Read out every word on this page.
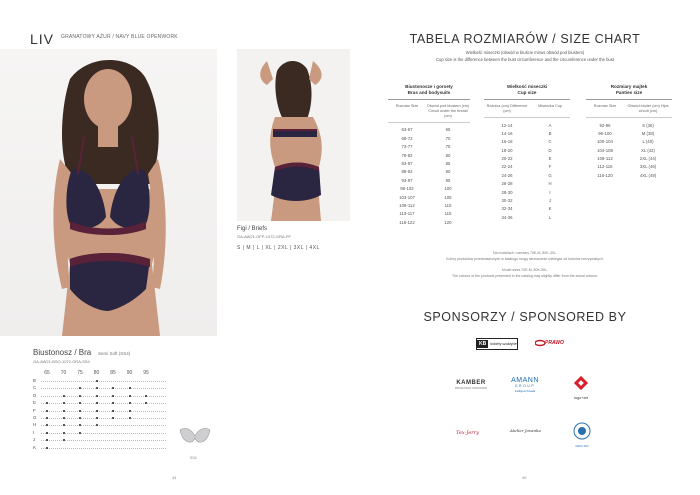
LIV GRANATOWY AŻUR / NAVY BLUE OPENWORK
Figi / Briefs
GA-AW21-GFP-1072-GRA-FP
S | M | L | XL | 2XL | 3XL | 4XL
Biustonosz / Bra Semi Soft (SS4)
GA-AW21-BSO-1072-GRA-SS4
65 70 75 80 85 90 95
B
C
D
E
F
G
H
I
J
K
SS4
44
TABELA ROZMIARÓW / SIZE CHART
Wielkość miseczki (obwód w biuście minus obwód pod biustem)
Cup size is the difference between the bust circumference and the circumference under the bust
Biustonosze i gorsety
Bras and bodysuits
Rozmiar Size	Obwód pod biustem (cm) Circuit under the breast (cm)
63-67	65
68-72	70
73-77	75
78-82	80
83-87	85
88-92	90
93-97	95
98-102	100
103-107	105
108-112	110
113-117	115
118-122	120
Wielkość miseczki
Cup size
Różnica (cm) Difference (cm)
Miseczka Cup
12-14	A
14-16	B
16-18	C
18-20	D
20-22	E
22-24	F
24-26	G
26-28	H
28-30	I
30-32	J
32-34	K
34-36	L
Rozmiary majtek
Panties size
Rozmiar Size	Obwód bioder (cm) Hips circuit (cm)
92-96	S (36)
96-100	M (38)
100-104	L (40)
104-108	XL (42)
108-112	2XL (44)
112-116	3XL (46)
116-120	4XL (48)
Na modelach: rozmiary 70E-M, 80K-3XL.
Kolory produktów przedstawionych w katalogu mogą nieznacznie odbiegać od kolorów rzeczywistych.
Model sizes 70E-M, 80K-3XL.
The colours of the products presented in the catalog may slightly differ from the actual colours.
SPONSORZY / SPONSORED BY
KB	kobiety szukajcie	PRAWO
KAMBER
PRODUCENT OPAKOWAŃ
AMANN
GROUP
Intelligent threads
logo+art
Tex-Jerry	Atelier Jovanka
OEKO-TEX
45
